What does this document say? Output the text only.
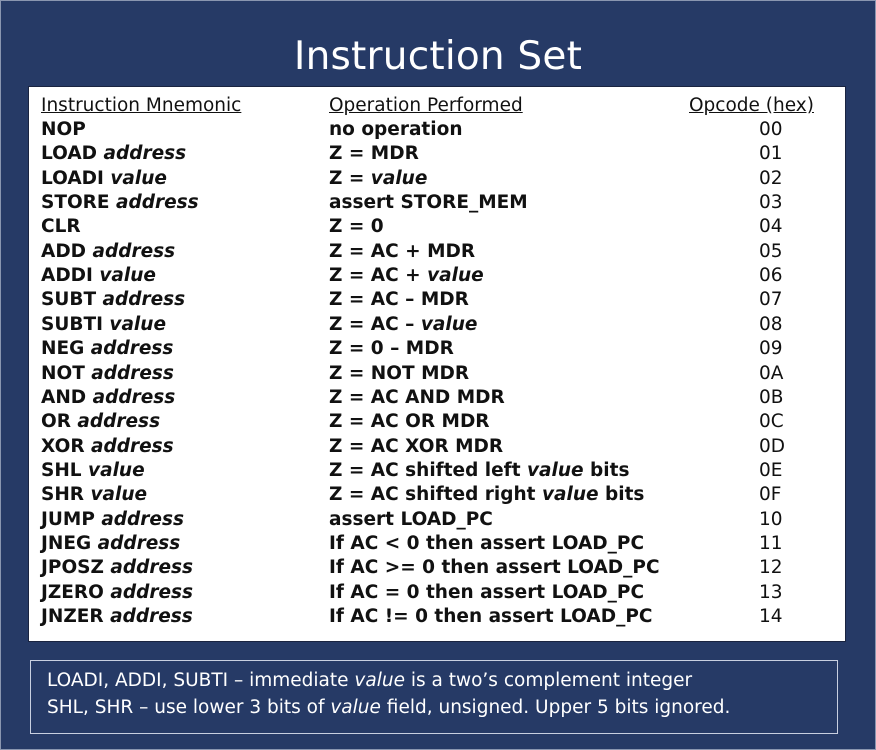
Instruction Set
Instruction Mnemonic	Operation Performed	Opcode (hex)
NOP	no operation	00
LOAD address	Z = MDR	01
LOADI value	Z = value	02
STORE address	assert STORE_MEM	03
CLR	Z = 0	04
ADD address	Z = AC + MDR	05
ADDI value	Z = AC + value	06
SUBT address	Z = AC – MDR	07
SUBTI value	Z = AC – value	08
NEG address	Z = 0 – MDR	09
NOT address	Z = NOT MDR	0A
AND address	Z = AC AND MDR	0B
OR address	Z = AC OR MDR	0C
XOR address	Z = AC XOR MDR	0D
SHL value	Z = AC shifted left value bits	0E
SHR value	Z = AC shifted right value bits	0F
JUMP address	assert LOAD_PC	10
JNEG address	If AC < 0 then assert LOAD_PC	11
JPOSZ address	If AC >= 0 then assert LOAD_PC	12
JZERO address	If AC = 0 then assert LOAD_PC	13
JNZER address	If AC != 0 then assert LOAD_PC	14
LOADI, ADDI, SUBTI – immediate value is a two’s complement integer
SHL, SHR – use lower 3 bits of value field, unsigned. Upper 5 bits ignored.
